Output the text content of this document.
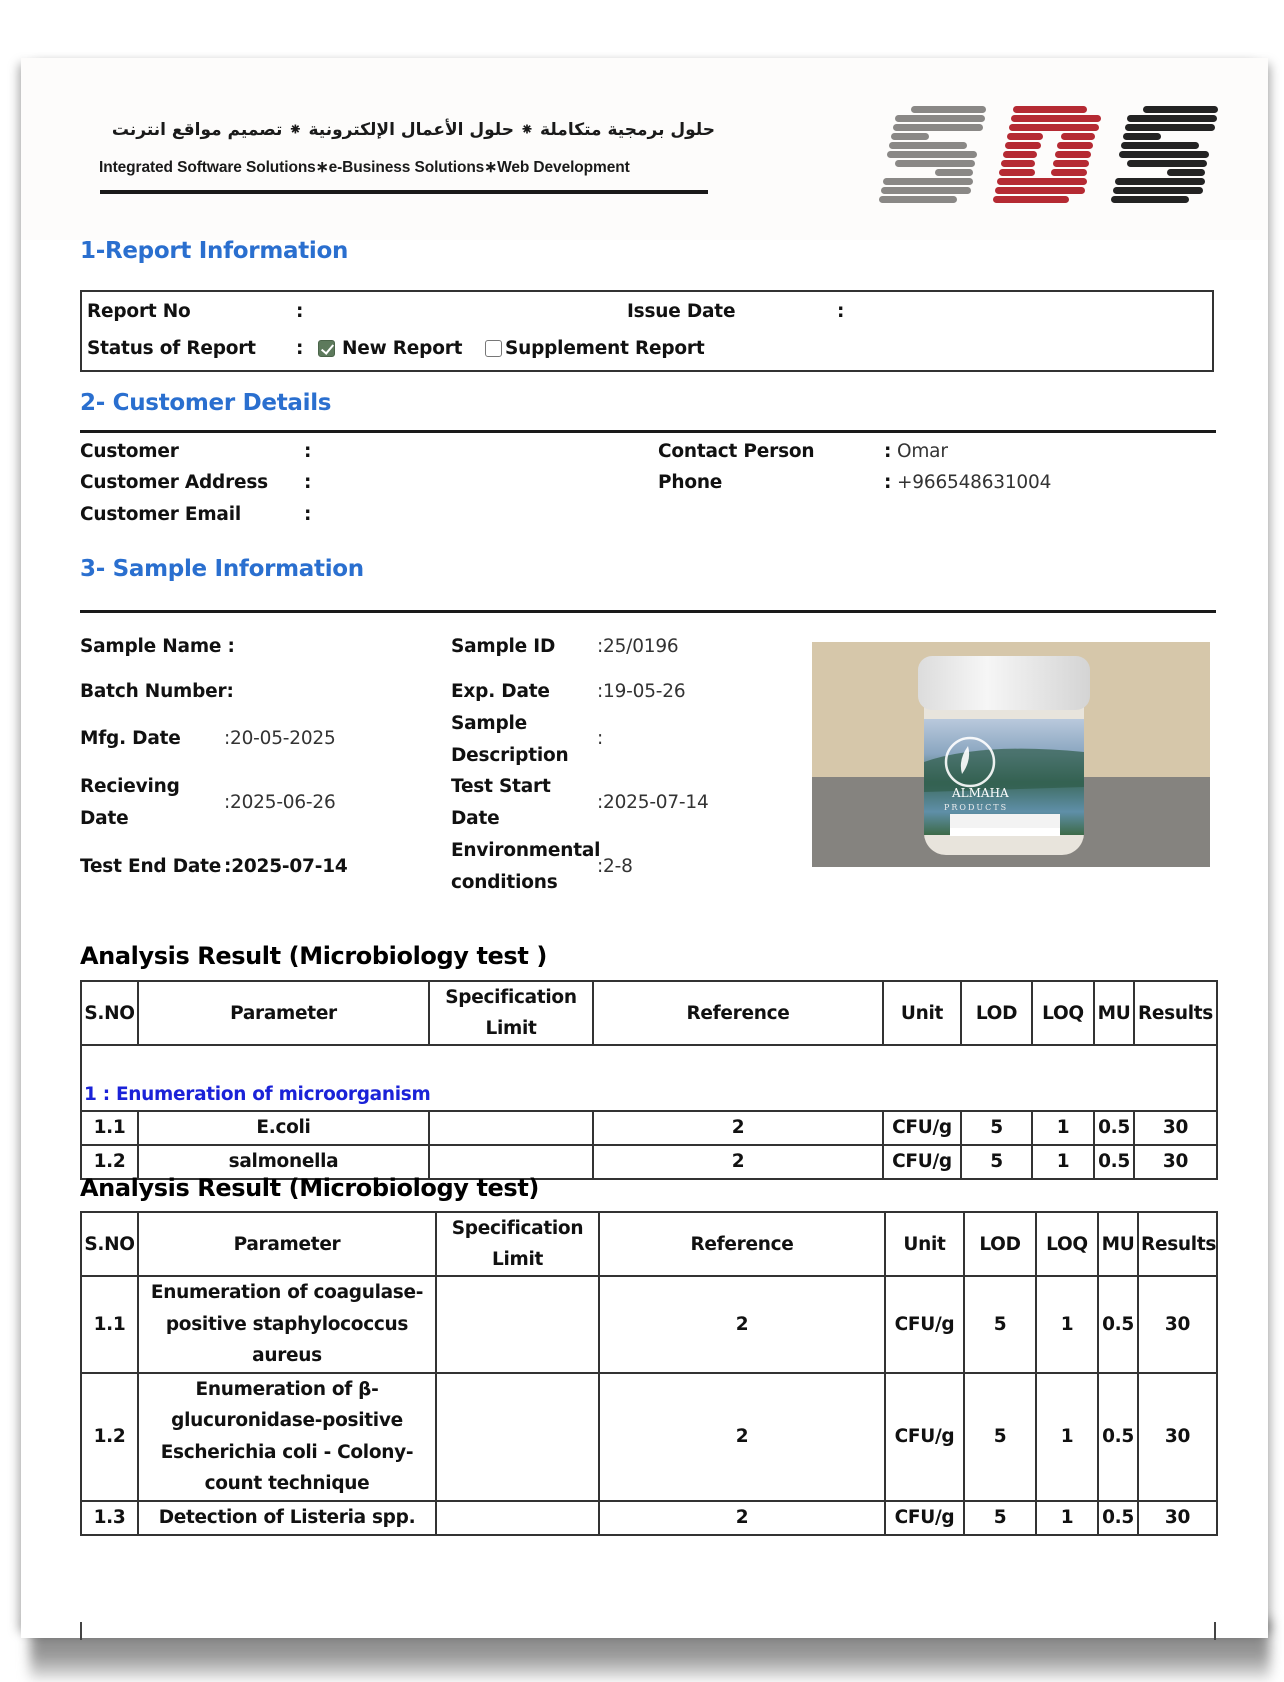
حلول برمجية متكاملة ⁕ حلول الأعمال الإلكترونية ⁕ تصميم مواقع انترنت
Integrated Software Solutions∗e-Business Solutions∗Web Development
1-Report Information
Report No	:	Issue Date	:
Status of Report : New Report Supplement Report
2- Customer Details
Customer	:
Customer Address :
Customer Email	:
Contact Person	: Omar
Phone	: +966548631004
3- Sample Information
Sample Name :
Batch Number:
Mfg. Date :20-05-2025
Recieving
Date
:2025-06-26
Test End Date :2025-07-14
Sample ID :25/0196
Exp. Date	:19-05-26
Sample
Description
:
Test Start
Date
:2025-07-14
Environmental
conditions
:2-8
ALMAHA
PRODUCTS
Analysis Result (Microbiology test )
S.NO	Parameter	Specification Limit	Reference	Unit	LOD	LOQ	MU	Results
1 : Enumeration of microorganism								
1.1	E.coli		2	CFU/g	5	1	0.5	30
1.2	salmonella		2	CFU/g	5	1	0.5	30
Analysis Result (Microbiology test)
S.NO	Parameter	Specification Limit	Reference	Unit	LOD	LOQ	MU	Results
1.1	Enumeration of coagulase-positive staphylococcus aureus		2	CFU/g	5	1	0.5	30
1.2	Enumeration of β-glucuronidase-positive Escherichia coli - Colony-count technique		2	CFU/g	5	1	0.5	30
1.3	Detection of Listeria spp.		2	CFU/g	5	1	0.5	30
